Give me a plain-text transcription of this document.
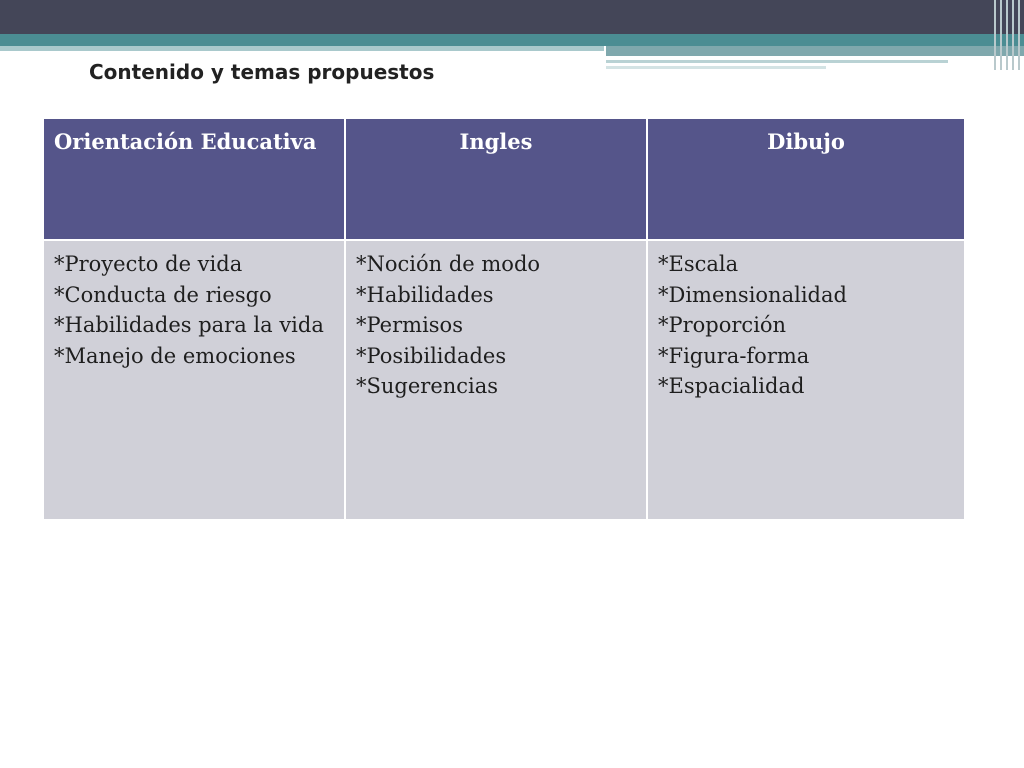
Contenido y temas propuestos
Orientación Educativa	Ingles	Dibujo

*Proyecto de vida
*Conducta de riesgo
*Habilidades para la vida
*Manejo de emociones	*Noción de modo
*Habilidades
*Permisos
*Posibilidades
*Sugerencias	*Escala
*Dimensionalidad
*Proporción
*Figura-forma
*Espacialidad
